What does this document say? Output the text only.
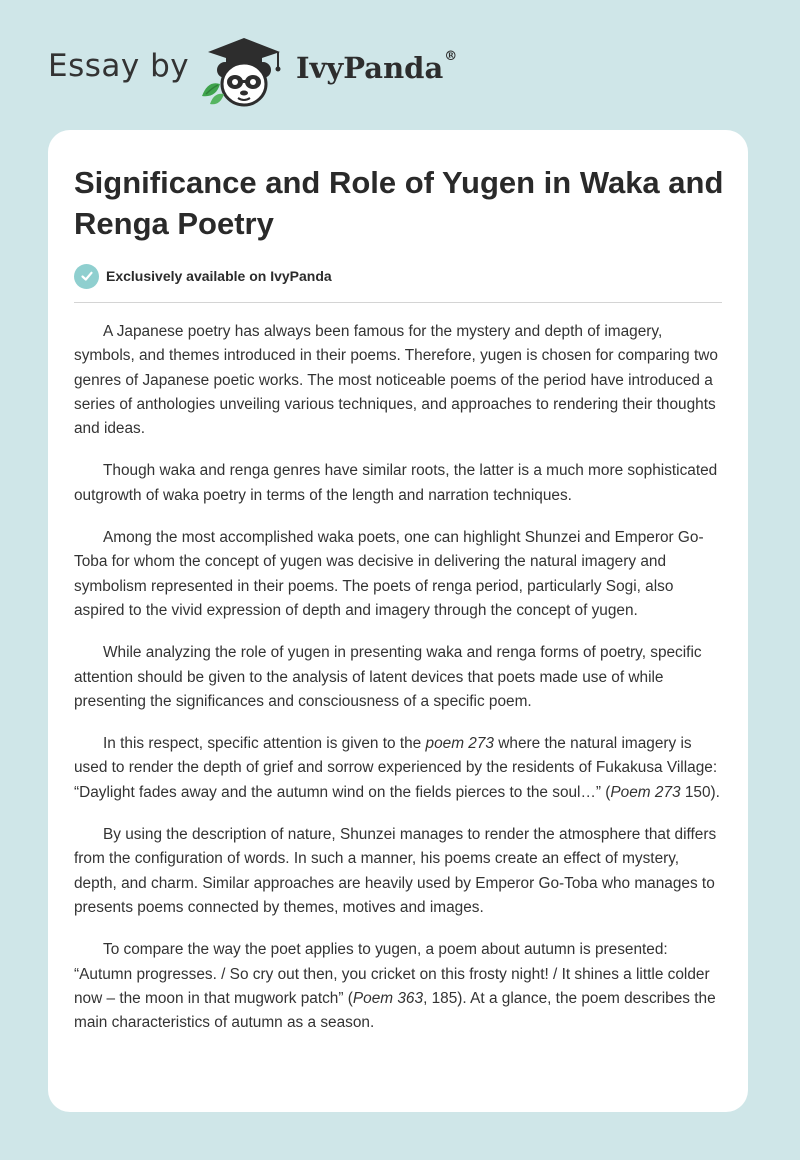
Essay by	IvyPanda®
Significance and Role of Yugen in Waka and Renga Poetry
Exclusively available on IvyPanda

A Japanese poetry has always been famous for the mystery and depth of imagery, symbols, and themes introduced in their poems. Therefore, yugen is chosen for comparing two genres of Japanese poetic works. The most noticeable poems of the period have introduced a series of anthologies unveiling various techniques, and approaches to rendering their thoughts and ideas.

Though waka and renga genres have similar roots, the latter is a much more sophisticated outgrowth of waka poetry in terms of the length and narration techniques.

Among the most accomplished waka poets, one can highlight Shunzei and Emperor Go-Toba for whom the concept of yugen was decisive in delivering the natural imagery and symbolism represented in their poems. The poets of renga period, particularly Sogi, also aspired to the vivid expression of depth and imagery through the concept of yugen.

While analyzing the role of yugen in presenting waka and renga forms of poetry, specific attention should be given to the analysis of latent devices that poets made use of while presenting the significances and consciousness of a specific poem.

In this respect, specific attention is given to the poem 273 where the natural imagery is used to render the depth of grief and sorrow experienced by the residents of Fukakusa Village: “Daylight fades away and the autumn wind on the fields pierces to the soul…” (Poem 273 150).

By using the description of nature, Shunzei manages to render the atmosphere that differs from the configuration of words. In such a manner, his poems create an effect of mystery, depth, and charm. Similar approaches are heavily used by Emperor Go-Toba who manages to presents poems connected by themes, motives and images.

To compare the way the poet applies to yugen, a poem about autumn is presented: “Autumn progresses. / So cry out then, you cricket on this frosty night! / It shines a little colder now – the moon in that mugwork patch” (Poem 363, 185). At a glance, the poem describes the main characteristics of autumn as a season.
